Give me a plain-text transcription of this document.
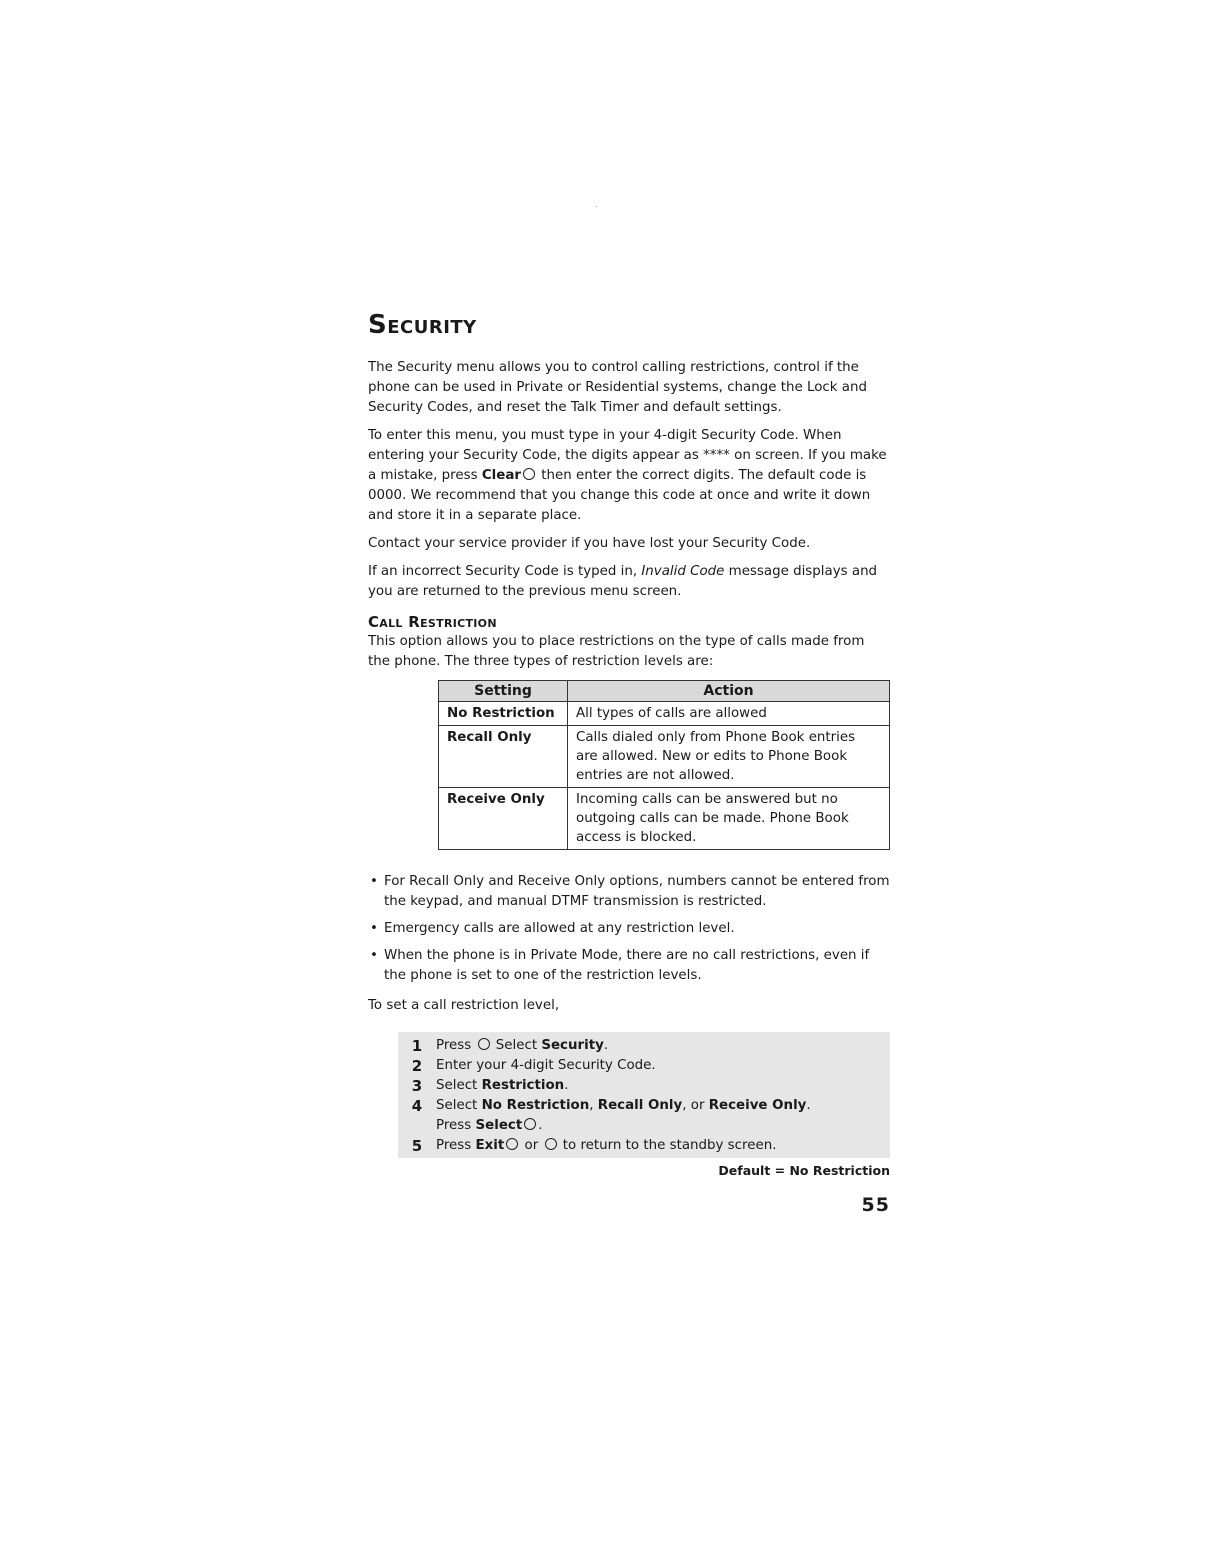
Security

The Security menu allows you to control calling restrictions, control if the phone can be used in Private or Residential systems, change the Lock and Security Codes, and reset the Talk Timer and default settings.

To enter this menu, you must type in your 4-digit Security Code. When entering your Security Code, the digits appear as **** on screen. If you make a mistake, press Clear then enter the correct digits. The default code is 0000. We recommend that you change this code at once and write it down and store it in a separate place.

Contact your service provider if you have lost your Security Code.

If an incorrect Security Code is typed in, Invalid Code message displays and you are returned to the previous menu screen.

Call Restriction

This option allows you to place restrictions on the type of calls made from the phone. The three types of restriction levels are:

Setting	Action
No Restriction	All types of calls are allowed
Recall Only	Calls dialed only from Phone Book entries are allowed. New or edits to Phone Book entries are not allowed.
Receive Only	Incoming calls can be answered but no outgoing calls can be made. Phone Book access is blocked.
• For Recall Only and Receive Only options, numbers cannot be entered from the keypad, and manual DTMF transmission is restricted.
• Emergency calls are allowed at any restriction level.
• When the phone is in Private Mode, there are no call restrictions, even if the phone is set to one of the restriction levels.

To set a call restriction level,

1	Press  Select Security.
2	Enter your 4-digit Security Code.
3	Select Restriction.
4	Select No Restriction, Recall Only, or Receive Only.
Press Select .
5	Press Exit or  to return to the standby screen.
Default = No Restriction
55
